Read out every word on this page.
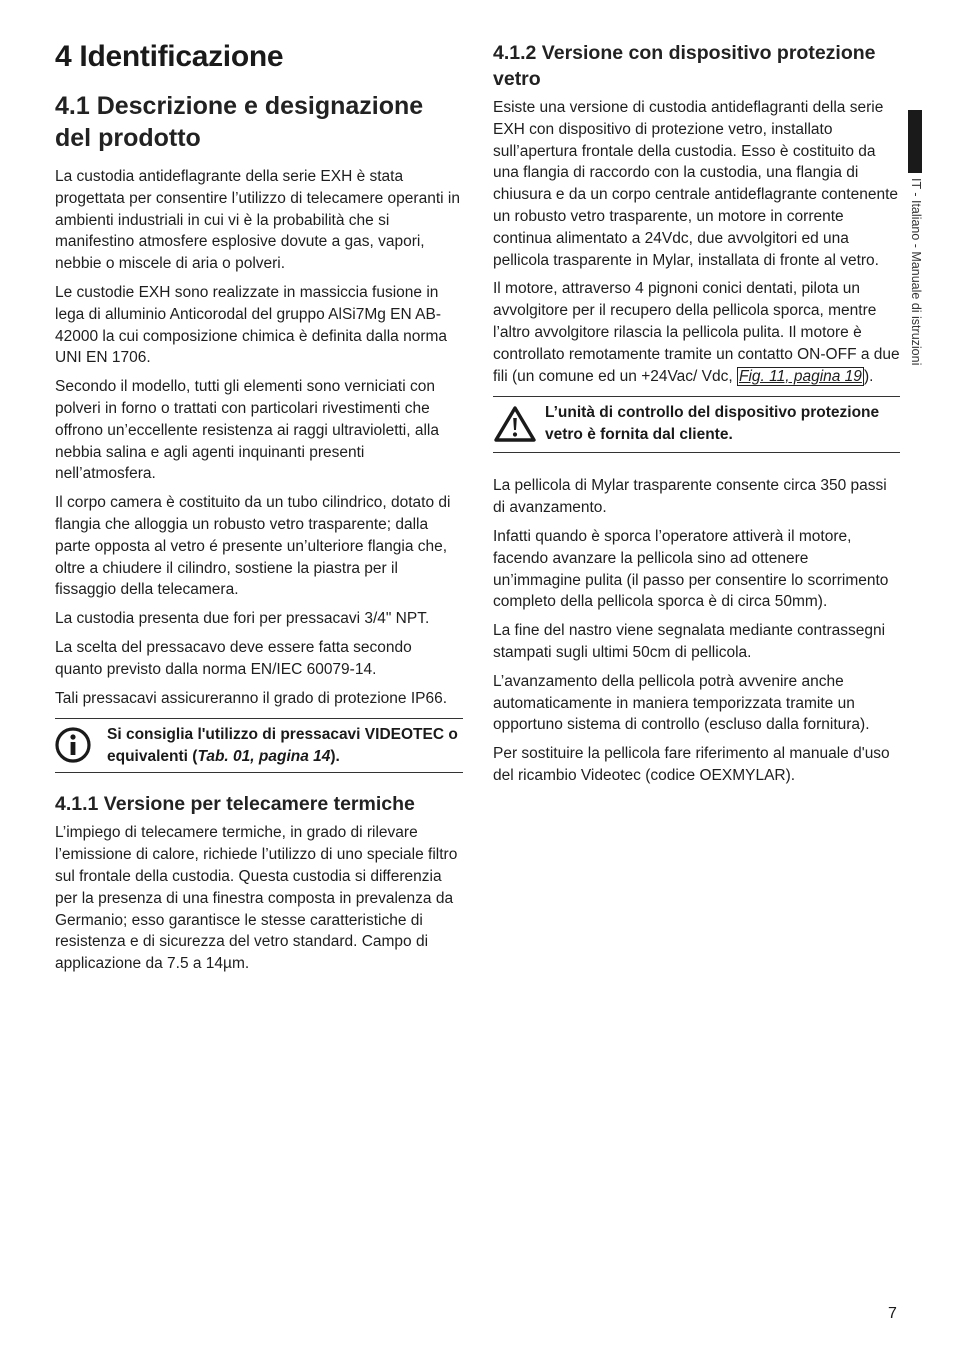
IT - Italiano - Manuale di istruzioni
4 Identificazione
4.1 Descrizione e designazione del prodotto

La custodia antideflagrante della serie EXH è stata progettata per consentire l’utilizzo di telecamere operanti in ambienti industriali in cui vi è la probabilità che si manifestino atmosfere esplosive dovute a gas, vapori, nebbie o miscele di aria o polveri.

Le custodie EXH sono realizzate in massiccia fusione in lega di alluminio Anticorodal del gruppo AlSi7Mg EN AB-42000 la cui composizione chimica è definita dalla norma UNI EN 1706.

Secondo il modello, tutti gli elementi sono verniciati con polveri in forno o trattati con particolari rivestimenti che offrono un’eccellente resistenza ai raggi ultravioletti, alla nebbia salina e agli agenti inquinanti presenti nell’atmosfera.

Il corpo camera è costituito da un tubo cilindrico, dotato di flangia che alloggia un robusto vetro trasparente; dalla parte opposta al vetro é presente un’ulteriore flangia che, oltre a chiudere il cilindro, sostiene la piastra per il fissaggio della telecamera.

La custodia presenta due fori per pressacavi 3/4" NPT.

La scelta del pressacavo deve essere fatta secondo quanto previsto dalla norma EN/IEC 60079-14.

Tali pressacavi assicureranno il grado di protezione IP66.

Si consiglia l'utilizzo di pressacavi VIDEOTEC o equivalenti (Tab. 01, pagina 14).
4.1.1 Versione per telecamere termiche

L’impiego di telecamere termiche, in grado di rilevare l’emissione di calore, richiede l’utilizzo di uno speciale filtro sul frontale della custodia. Questa custodia si differenzia per la presenza di una finestra composta in prevalenza da Germanio; esso garantisce le stesse caratteristiche di resistenza e di sicurezza del vetro standard. Campo di applicazione da 7.5 a 14µm.

4.1.2 Versione con dispositivo protezione vetro

Esiste una versione di custodia antideflagranti della serie EXH con dispositivo di protezione vetro, installato sull’apertura frontale della custodia. Esso è costituito da una flangia di raccordo con la custodia, una flangia di chiusura e da un corpo centrale antideflagrante contenente un robusto vetro trasparente, un motore in corrente continua alimentato a 24Vdc, due avvolgitori ed una pellicola trasparente in Mylar, installata di fronte al vetro.

Il motore, attraverso 4 pignoni conici dentati, pilota un avvolgitore per il recupero della pellicola sporca, mentre l’altro avvolgitore rilascia la pellicola pulita. Il motore è controllato remotamente tramite un contatto ON-OFF a due fili (un comune ed un +24Vac/ Vdc, Fig. 11, pagina 19 ).

L’unità di controllo del dispositivo protezione vetro è fornita dal cliente.

La pellicola di Mylar trasparente consente circa 350 passi di avanzamento.

Infatti quando è sporca l’operatore attiverà il motore, facendo avanzare la pellicola sino ad ottenere un’immagine pulita (il passo per consentire lo scorrimento completo della pellicola sporca è di circa 50mm).

La fine del nastro viene segnalata mediante contrassegni stampati sugli ultimi 50cm di pellicola.

L’avanzamento della pellicola potrà avvenire anche automaticamente in maniera temporizzata tramite un opportuno sistema di controllo (escluso dalla fornitura).

Per sostituire la pellicola fare riferimento al manuale d'uso del ricambio Videotec (codice OEXMYLAR).

7
